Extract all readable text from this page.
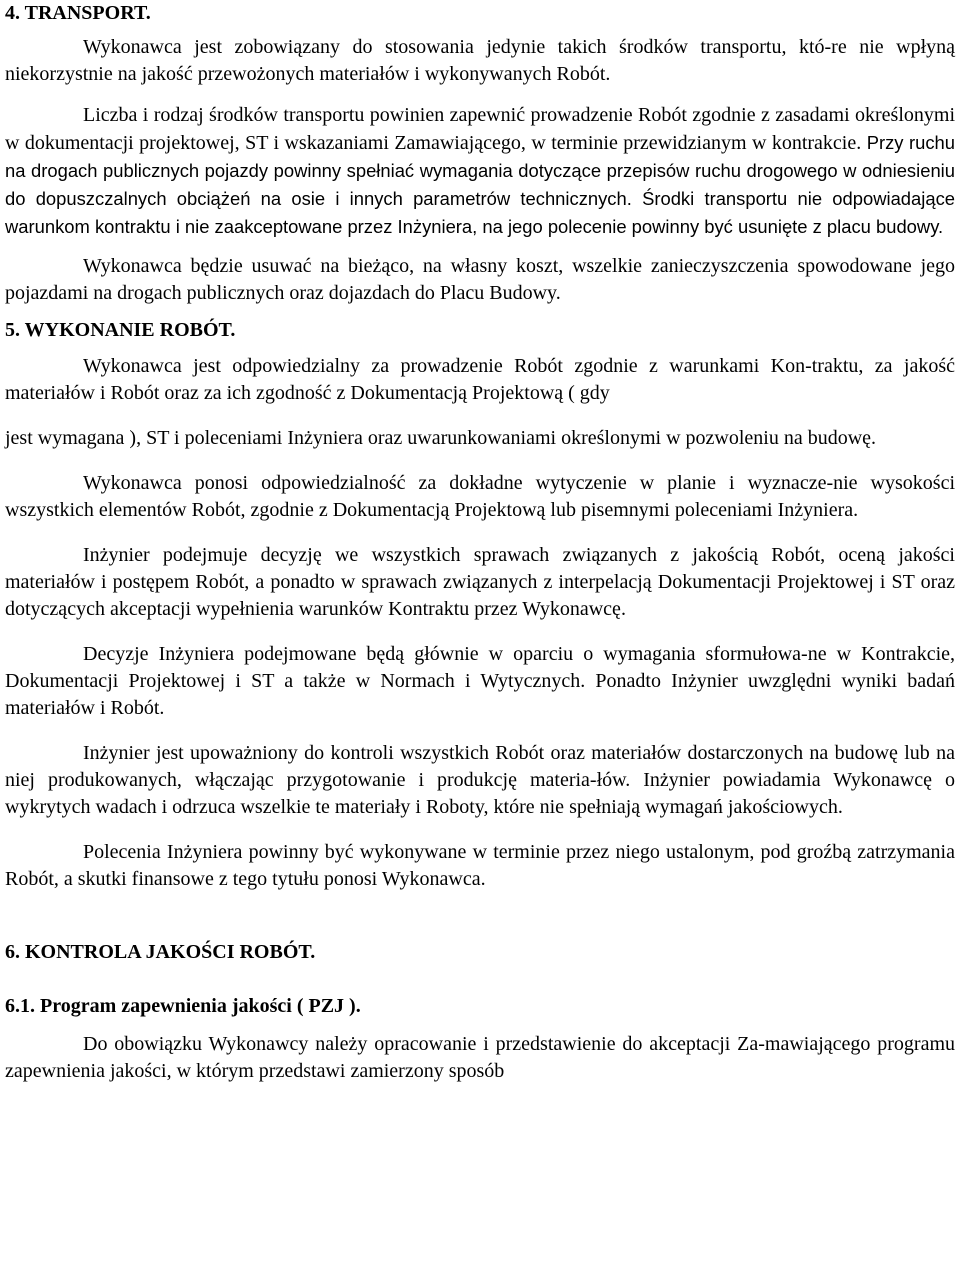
4. TRANSPORT.

Wykonawca jest zobowiązany do stosowania jedynie takich środków transportu, któ-re nie wpłyną niekorzystnie na jakość przewożonych materiałów i wykonywanych Robót.

Liczba i rodzaj środków transportu powinien zapewnić prowadzenie Robót zgodnie z zasadami określonymi w dokumentacji projektowej, ST i wskazaniami Zamawiającego, w terminie przewidzianym w kontrakcie. Przy ruchu na drogach publicznych pojazdy powinny spełniać wymagania dotyczące przepisów ruchu drogowego w odniesieniu do dopuszczalnych obciążeń na osie i innych parametrów technicznych. Środki transportu nie odpowiadające warunkom kontraktu i nie zaakceptowane przez Inżyniera, na jego polecenie powinny być usunięte z placu budowy.

Wykonawca będzie usuwać na bieżąco, na własny koszt, wszelkie zanieczyszczenia spowodowane jego pojazdami na drogach publicznych oraz dojazdach do Placu Budowy.

5. WYKONANIE ROBÓT.

Wykonawca jest odpowiedzialny za prowadzenie Robót zgodnie z warunkami Kon-traktu, za jakość materiałów i Robót oraz za ich zgodność z Dokumentacją Projektową ( gdy

jest wymagana ), ST i poleceniami Inżyniera oraz uwarunkowaniami określonymi w pozwoleniu na budowę.

Wykonawca ponosi odpowiedzialność za dokładne wytyczenie w planie i wyznacze-nie wysokości wszystkich elementów Robót, zgodnie z Dokumentacją Projektową lub pisemnymi poleceniami Inżyniera.

Inżynier podejmuje decyzję we wszystkich sprawach związanych z jakością Robót, oceną jakości materiałów i postępem Robót, a ponadto w sprawach związanych z interpelacją Dokumentacji Projektowej i ST oraz dotyczących akceptacji wypełnienia warunków Kontraktu przez Wykonawcę.

Decyzje Inżyniera podejmowane będą głównie w oparciu o wymagania sformułowa-ne w Kontrakcie, Dokumentacji Projektowej i ST a także w Normach i Wytycznych. Ponadto Inżynier uwzględni wyniki badań materiałów i Robót.

Inżynier jest upoważniony do kontroli wszystkich Robót oraz materiałów dostarczonych na budowę lub na niej produkowanych, włączając przygotowanie i produkcję materia-łów. Inżynier powiadamia Wykonawcę o wykrytych wadach i odrzuca wszelkie te materiały i Roboty, które nie spełniają wymagań jakościowych.

Polecenia Inżyniera powinny być wykonywane w terminie przez niego ustalonym, pod groźbą zatrzymania Robót, a skutki finansowe z tego tytułu ponosi Wykonawca.

6. KONTROLA JAKOŚCI ROBÓT.
6.1. Program zapewnienia jakości ( PZJ ).

Do obowiązku Wykonawcy należy opracowanie i przedstawienie do akceptacji Za-mawiającego programu zapewnienia jakości, w którym przedstawi zamierzony sposób
